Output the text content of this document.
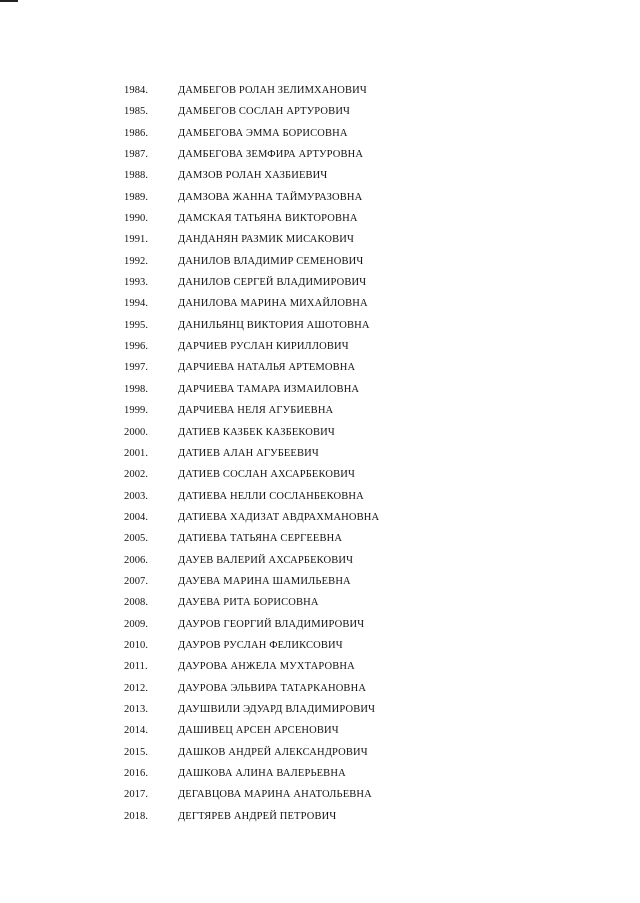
1984.	ДАМБЕГОВ РОЛАН ЗЕЛИМХАНОВИЧ
1985.	ДАМБЕГОВ СОСЛАН АРТУРОВИЧ
1986.	ДАМБЕГОВА ЭММА БОРИСОВНА
1987.	ДАМБЕГОВА ЗЕМФИРА АРТУРОВНА
1988.	ДАМЗОВ РОЛАН ХАЗБИЕВИЧ
1989.	ДАМЗОВА ЖАННА ТАЙМУРАЗОВНА
1990.	ДАМСКАЯ ТАТЬЯНА ВИКТОРОВНА
1991.	ДАНДАНЯН РАЗМИК МИСАКОВИЧ
1992.	ДАНИЛОВ ВЛАДИМИР СЕМЕНОВИЧ
1993.	ДАНИЛОВ СЕРГЕЙ ВЛАДИМИРОВИЧ
1994.	ДАНИЛОВА МАРИНА МИХАЙЛОВНА
1995.	ДАНИЛЬЯНЦ ВИКТОРИЯ АШОТОВНА
1996.	ДАРЧИЕВ РУСЛАН КИРИЛЛОВИЧ
1997.	ДАРЧИЕВА НАТАЛЬЯ АРТЕМОВНА
1998.	ДАРЧИЕВА ТАМАРА ИЗМАИЛОВНА
1999.	ДАРЧИЕВА НЕЛЯ АГУБИЕВНА
2000.	ДАТИЕВ КАЗБЕК КАЗБЕКОВИЧ
2001.	ДАТИЕВ АЛАН АГУБЕЕВИЧ
2002.	ДАТИЕВ СОСЛАН АХСАРБЕКОВИЧ
2003.	ДАТИЕВА НЕЛЛИ СОСЛАНБЕКОВНА
2004.	ДАТИЕВА ХАДИЗАТ АВДРАХМАНОВНА
2005.	ДАТИЕВА ТАТЬЯНА СЕРГЕЕВНА
2006.	ДАУЕВ ВАЛЕРИЙ АХСАРБЕКОВИЧ
2007.	ДАУЕВА МАРИНА ШАМИЛЬЕВНА
2008.	ДАУЕВА РИТА БОРИСОВНА
2009.	ДАУРОВ ГЕОРГИЙ ВЛАДИМИРОВИЧ
2010.	ДАУРОВ РУСЛАН ФЕЛИКСОВИЧ
2011.	ДАУРОВА АНЖЕЛА МУХТАРОВНА
2012.	ДАУРОВА ЭЛЬВИРА ТАТАРКАНОВНА
2013.	ДАУШВИЛИ ЭДУАРД ВЛАДИМИРОВИЧ
2014.	ДАШИВЕЦ АРСЕН АРСЕНОВИЧ
2015.	ДАШКОВ АНДРЕЙ АЛЕКСАНДРОВИЧ
2016.	ДАШКОВА АЛИНА ВАЛЕРЬЕВНА
2017.	ДЕГАВЦОВА МАРИНА АНАТОЛЬЕВНА
2018.	ДЕГТЯРЕВ АНДРЕЙ ПЕТРОВИЧ
